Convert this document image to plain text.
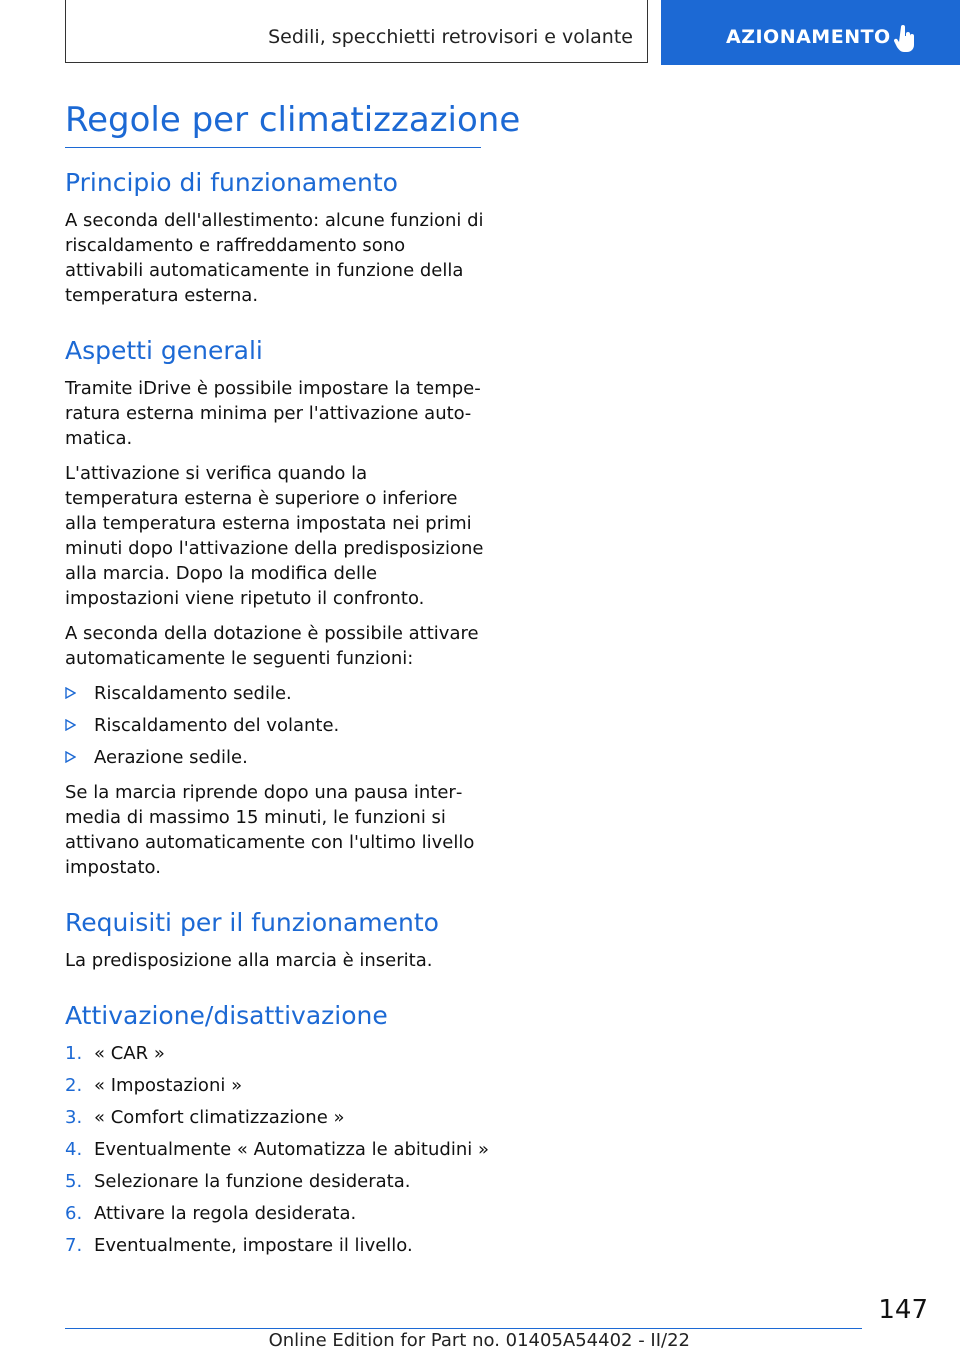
Sedili, specchietti retrovisori e volante	AZIONAMENTO
Regole per climatizzazione
Principio di funzionamento

A seconda dell'allestimento: alcune funzioni di riscaldamento e raffreddamento sono attivabili automaticamente in funzione della temperatura esterna.

Aspetti generali

Tramite iDrive è possibile impostare la temperatura esterna minima per l'attivazione automatica.

L'attivazione si verifica quando la temperatura esterna è superiore o inferiore alla temperatura esterna impostata nei primi minuti dopo l'attivazione della predisposizione alla marcia. Dopo la modifica delle impostazioni viene ripetuto il confronto.

A seconda della dotazione è possibile attivare automaticamente le seguenti funzioni:

Riscaldamento sedile.
Riscaldamento del volante.
Aerazione sedile.

Se la marcia riprende dopo una pausa intermedia di massimo 15 minuti, le funzioni si attivano automaticamente con l'ultimo livello impostato.

Requisiti per il funzionamento

La predisposizione alla marcia è inserita.

Attivazione/disattivazione
1. « CAR »
2. « Impostazioni »
3. « Comfort climatizzazione »
4. Eventualmente « Automatizza le abitudini »
5. Selezionare la funzione desiderata.
6. Attivare la regola desiderata.
7. Eventualmente, impostare il livello.
147
Online Edition for Part no. 01405A54402 - II/22
